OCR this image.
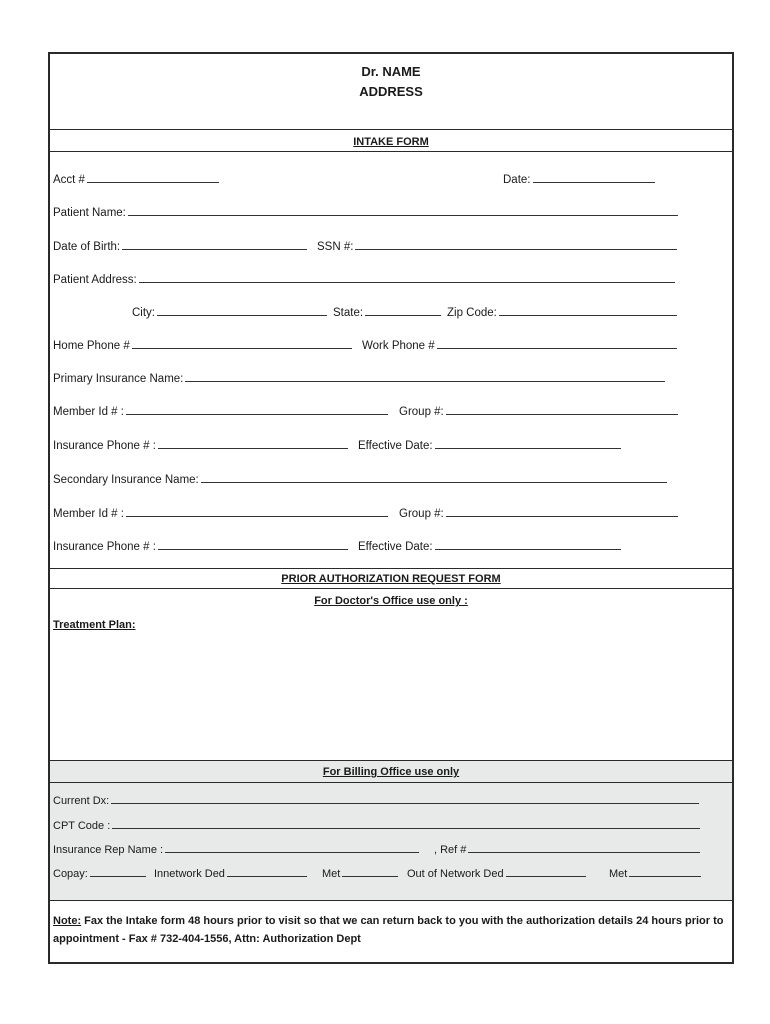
Dr. NAME
ADDRESS
INTAKE FORM
Acct #	Date:
Patient Name:
Date of Birth:	SSN #:
Patient Address:
City:	State:	Zip Code:
Home Phone #	Work Phone #
Primary Insurance Name:
Member Id # :	Group #:
Insurance Phone # :	Effective Date:
Secondary Insurance Name:
Member Id # :	Group #:
Insurance Phone # :	Effective Date:
PRIOR AUTHORIZATION REQUEST FORM
For Doctor's Office use only :
Treatment Plan:
For Billing Office use only
Current Dx:
CPT Code :
Insurance Rep Name :	, Ref #
Copay:	Innetwork Ded	Met	Out of Network Ded	Met
Note: Fax the Intake form 48 hours prior to visit so that we can return back to you with the authorization details 24 hours prior to appointment - Fax # 732-404-1556, Attn: Authorization Dept
